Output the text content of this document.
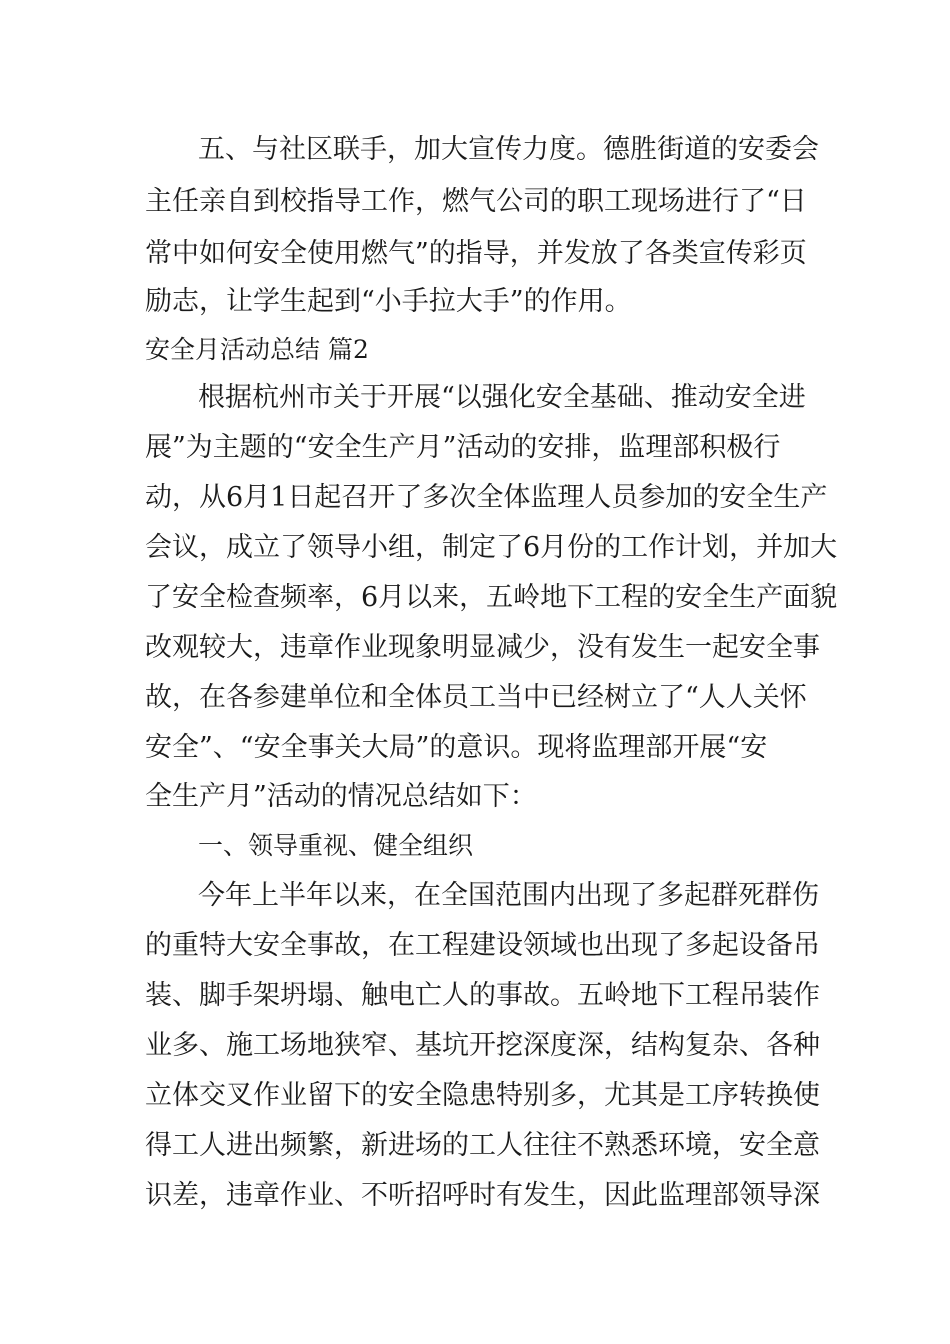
五、与社区联手，加大宣传力度。德胜街道的安委会
主任亲自到校指导工作，燃气公司的职工现场进行了“日
常中如何安全使用燃气”的指导，并发放了各类宣传彩页
励志，让学生起到“小手拉大手”的作用。
安全月活动总结 篇2
根据杭州市关于开展“以强化安全基础、推动安全进
展”为主题的“安全生产月”活动的安排，监理部积极行
动，从6月1日起召开了多次全体监理人员参加的安全生产
会议，成立了领导小组，制定了6月份的工作计划，并加大
了安全检查频率，6月以来，五岭地下工程的安全生产面貌
改观较大，违章作业现象明显减少，没有发生一起安全事
故，在各参建单位和全体员工当中已经树立了“人人关怀
安全”、“安全事关大局”的意识。现将监理部开展“安
全生产月”活动的情况总结如下：
一、领导重视、健全组织
今年上半年以来，在全国范围内出现了多起群死群伤
的重特大安全事故，在工程建设领域也出现了多起设备吊
装、脚手架坍塌、触电亡人的事故。五岭地下工程吊装作
业多、施工场地狭窄、基坑开挖深度深，结构复杂、各种
立体交叉作业留下的安全隐患特别多，尤其是工序转换使
得工人进出频繁，新进场的工人往往不熟悉环境，安全意
识差，违章作业、不听招呼时有发生，因此监理部领导深
